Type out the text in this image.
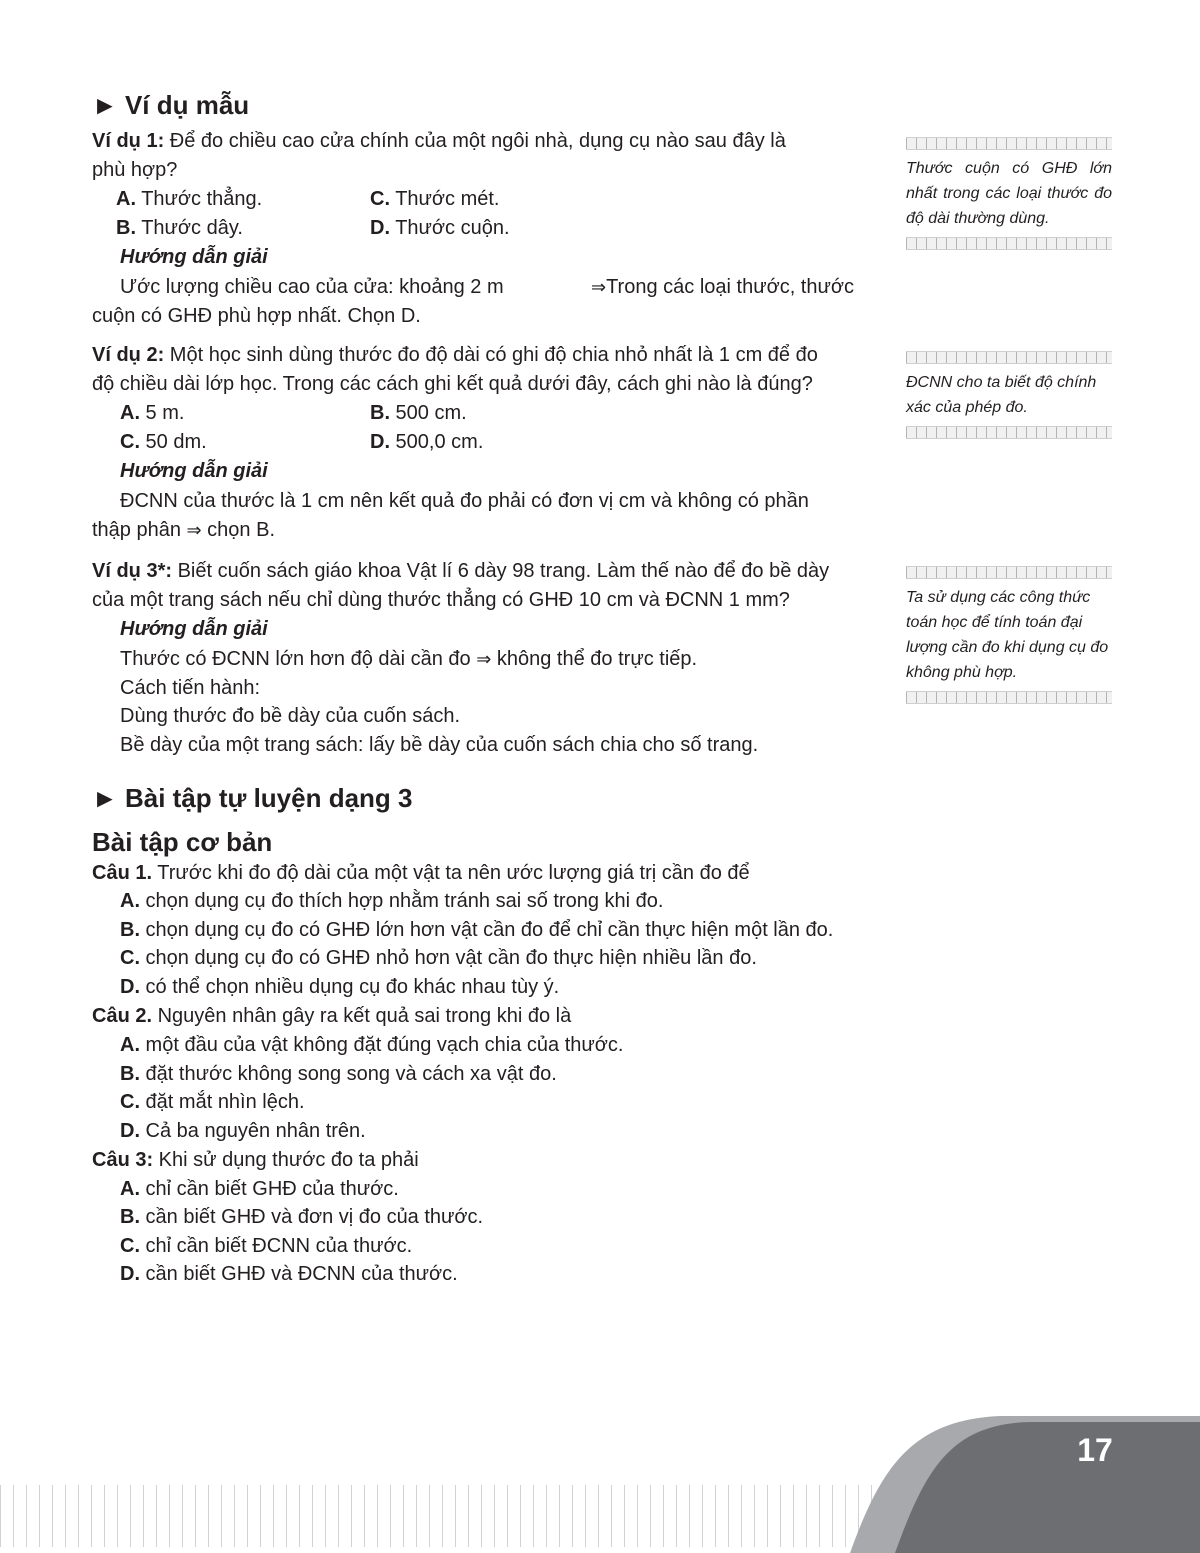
► Ví dụ mẫu
Ví dụ 1: Để đo chiều cao cửa chính của một ngôi nhà, dụng cụ nào sau đây là
phù hợp?
A. Thước thẳng.	C. Thước mét.
B. Thước dây.	D. Thước cuộn.
Hướng dẫn giải
Ước lượng chiều cao của cửa: khoảng 2 m	⇒Trong các loại thước, thước
cuộn có GHĐ phù hợp nhất. Chọn D.
Ví dụ 2: Một học sinh dùng thước đo độ dài có ghi độ chia nhỏ nhất là 1 cm để đo
độ chiều dài lớp học. Trong các cách ghi kết quả dưới đây, cách ghi nào là đúng?
A. 5 m.	B. 500 cm.
C. 50 dm.	D. 500,0 cm.
Hướng dẫn giải
ĐCNN của thước là 1 cm nên kết quả đo phải có đơn vị cm và không có phần
thập phân ⇒ chọn B.
Ví dụ 3*: Biết cuốn sách giáo khoa Vật lí 6 dày 98 trang. Làm thế nào để đo bề dày
của một trang sách nếu chỉ dùng thước thẳng có GHĐ 10 cm và ĐCNN 1 mm?
Hướng dẫn giải
Thước có ĐCNN lớn hơn độ dài cần đo ⇒ không thể đo trực tiếp.
Cách tiến hành:
Dùng thước đo bề dày của cuốn sách.
Bề dày của một trang sách: lấy bề dày của cuốn sách chia cho số trang.
► Bài tập tự luyện dạng 3
Bài tập cơ bản
Câu 1. Trước khi đo độ dài của một vật ta nên ước lượng giá trị cần đo để
A. chọn dụng cụ đo thích hợp nhằm tránh sai số trong khi đo.
B. chọn dụng cụ đo có GHĐ lớn hơn vật cần đo để chỉ cần thực hiện một lần đo.
C. chọn dụng cụ đo có GHĐ nhỏ hơn vật cần đo thực hiện nhiều lần đo.
D. có thể chọn nhiều dụng cụ đo khác nhau tùy ý.
Câu 2. Nguyên nhân gây ra kết quả sai trong khi đo là
A. một đầu của vật không đặt đúng vạch chia của thước.
B. đặt thước không song song và cách xa vật đo.
C. đặt mắt nhìn lệch.
D. Cả ba nguyên nhân trên.
Câu 3: Khi sử dụng thước đo ta phải
A. chỉ cần biết GHĐ của thước.
B. cần biết GHĐ và đơn vị đo của thước.
C. chỉ cần biết ĐCNN của thước.
D. cần biết GHĐ và ĐCNN của thước.
Thước cuộn có GHĐ lớn nhất trong các loại thước đo độ dài thường dùng.
ĐCNN cho ta biết độ chính xác của phép đo.
Ta sử dụng các công thức toán học để tính toán đại lượng cần đo khi dụng cụ đo không phù hợp.
17
